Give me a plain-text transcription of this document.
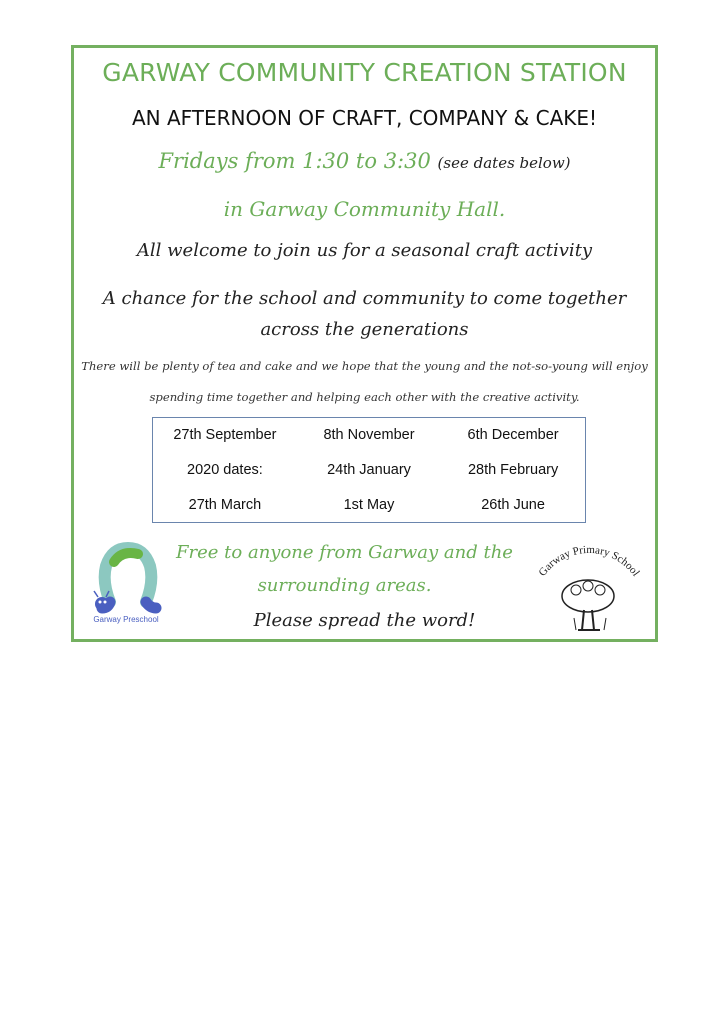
GARWAY COMMUNITY CREATION STATION
AN AFTERNOON OF CRAFT, COMPANY & CAKE!
Fridays from 1:30 to 3:30 (see dates below)
in Garway Community Hall.
All welcome to join us for a seasonal craft activity
A chance for the school and community to come together across the generations
There will be plenty of tea and cake and we hope that the young and the not-so-young will enjoy spending time together and helping each other with the creative activity.
27th September	8th November	6th December
2020 dates:	24th January	28th February
27th March	1st May	26th June
Free to anyone from Garway and the surrounding areas.
Please spread the word!
Garway Preschool
Garway Primary School
